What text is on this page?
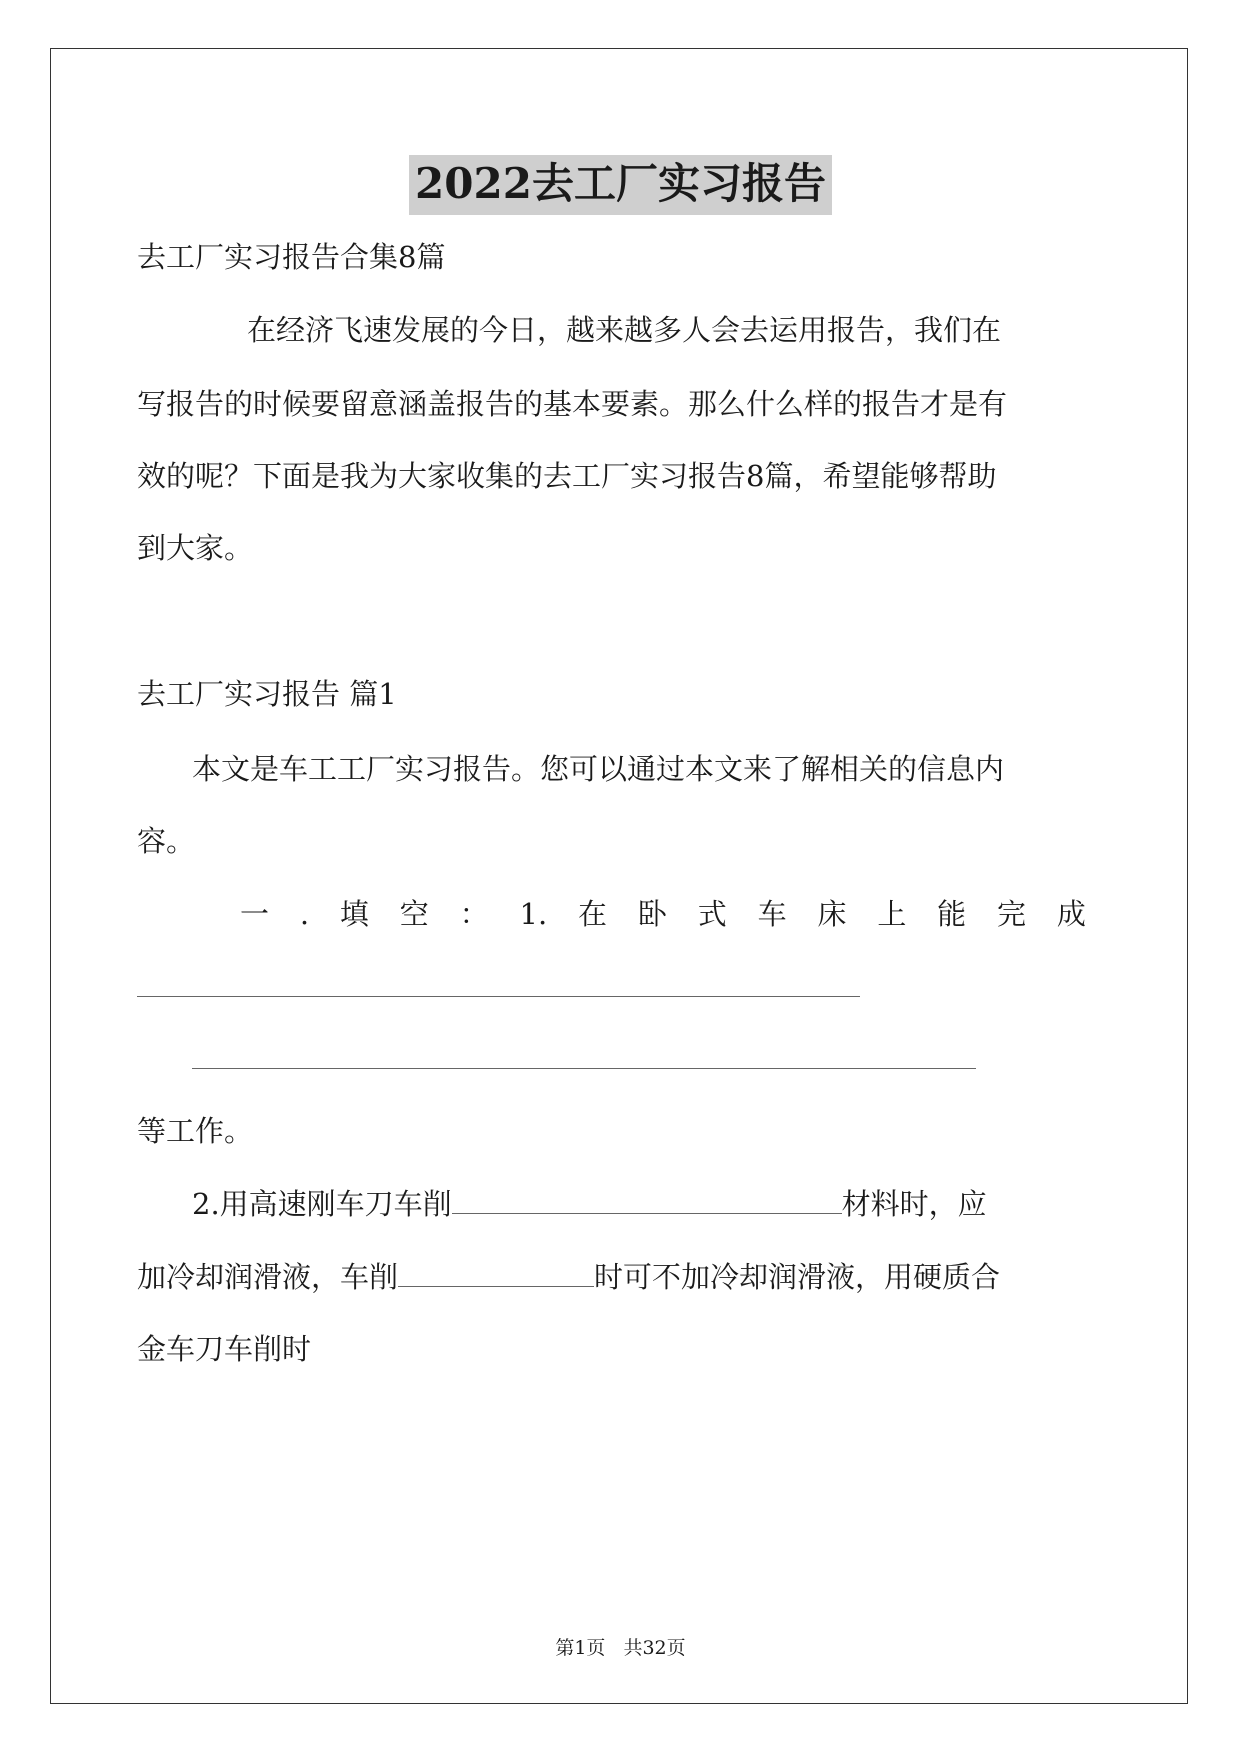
2022去工厂实习报告
去工厂实习报告合集8篇
在经济飞速发展的今日，越来越多人会去运用报告，我们在
写报告的时候要留意涵盖报告的基本要素。那么什么样的报告才是有
效的呢？下面是我为大家收集的去工厂实习报告8篇，希望能够帮助
到大家。
去工厂实习报告 篇1
本文是车工工厂实习报告。您可以通过本文来了解相关的信息内
容。
一 . 填 空 ： 1. 在 卧 式 车 床 上 能 完 成
等工作。
2.用高速刚车刀车削	材料时，应
加冷却润滑液，车削	时可不加冷却润滑液，用硬质合
金车刀车削时
第1页 共32页
